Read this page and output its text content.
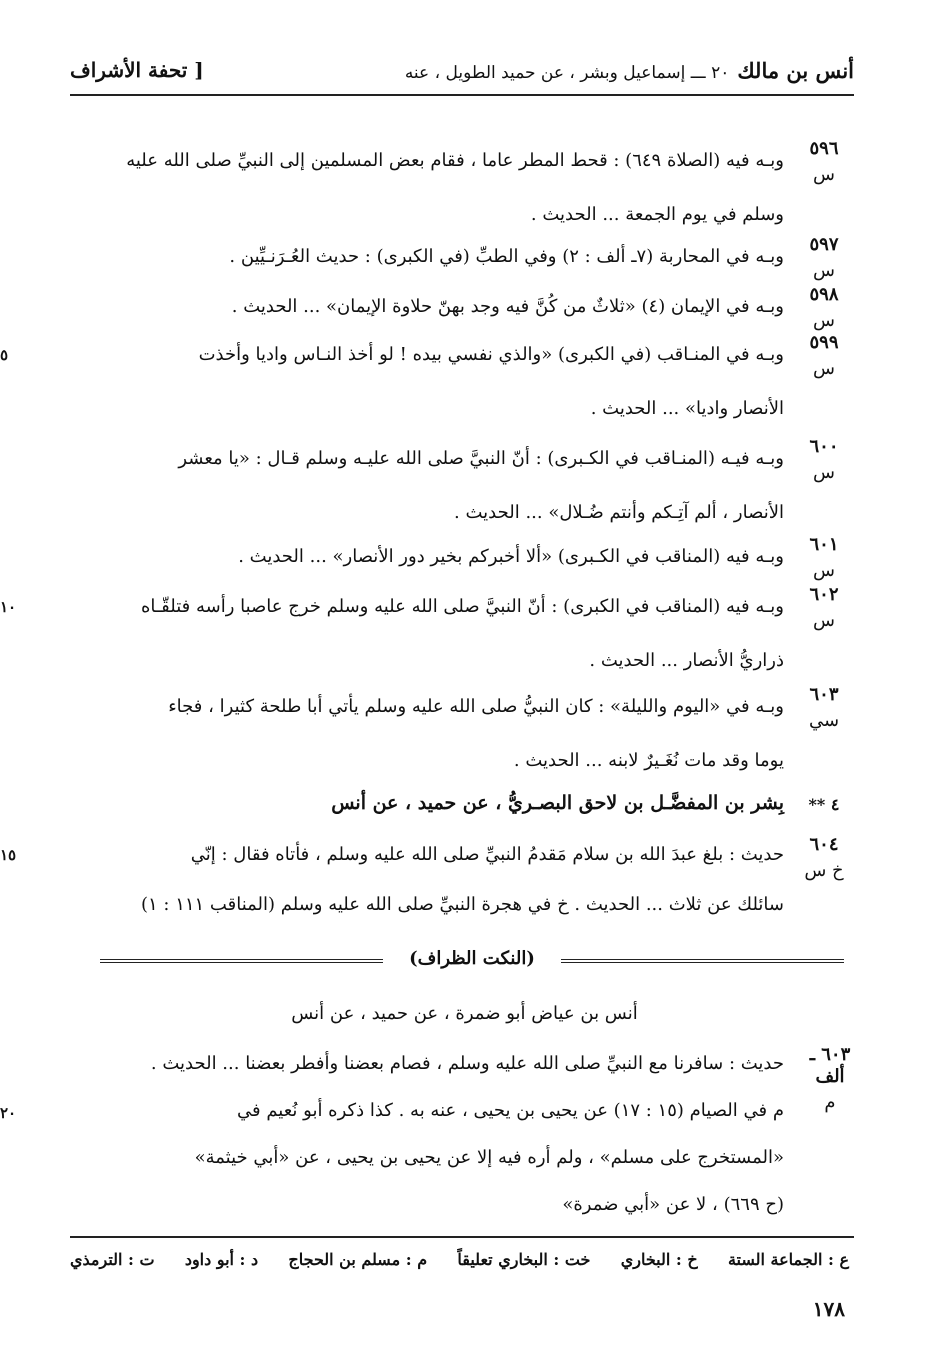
أنس بن مالك
٢٠ ـــ إسماعيل وبشر ، عن حميد الطويل ، عنه
[ تحفة الأشراف
٥٩٦
س
وبـه فيه (الصلاة ٦٤٩) : قحط المطر عاما ، فقام بعض المسلمين إلى النبيِّ صلى الله عليه
وسلم في يوم الجمعة ... الحديث .
٥٩٧
س
وبـه في المحاربة (٧ـ ألف : ٢) وفي الطبِّ (في الكبرى) : حديث العُـرَنـيِّين .
٥٩٨
س
وبـه في الإيمان (٤) «ثلاثٌ من كُنَّ فيه وجد بهنّ حلاوة الإيمان» ... الحديث .
٥٩٩
س
وبـه في المنـاقب (في الكبرى) «والذي نفسي بيده ! لو أخذ النـاس واديا وأخذت
الأنصار واديا» ... الحديث .
٥
٦٠٠
س
وبـه فيـه (المنـاقب في الكـبرى) : أنّ النبيَّ صلى الله عليـه وسلم قـال : «يا معشر
الأنصار ، ألم آتِـكم وأنتم ضُـلال» ... الحديث .
٦٠١
س
وبـه فيه (المناقب في الكـبرى) «ألا أخبركم بخير دور الأنصار» ... الحديث .
٦٠٢
س
وبـه فيه (المناقب في الكبرى) : أنّ النبيَّ صلى الله عليه وسلم خرج عاصبا رأسه فتلقّـاه
ذراريُّ الأنصار ... الحديث .
١٠
٦٠٣
سي
وبـه في «اليوم والليلة» : كان النبيُّ صلى الله عليه وسلم يأتي أبا طلحة كثيرا ، فجاء
يوما وقد مات نُغَـيرٌ لابنه ... الحديث .
٤ **
بِشر بن المفضَّـل بن لاحق البصـريُّ ، عن حميد ، عن أنس
٦٠٤
خ س
حديث : بلغ عبدَ الله بن سلام مَقدمُ النبيِّ صلى الله عليه وسلم ، فأتاه فقال : إنّي
سائلك عن ثلاث ... الحديث . خ في هجرة النبيِّ صلى الله عليه وسلم (المناقب ١١١ : ١)
١٥
(النكت الظراف)
أنس بن عياض أبو ضمرة ، عن حميد ، عن أنس
٦٠٣ ـ ألف
م
حديث : سافرنا مع النبيِّ صلى الله عليه وسلم ، فصام بعضنا وأفطر بعضنا ... الحديث .
م في الصيام (١٥ : ١٧) عن يحيى بن يحيى ، عنه به . كذا ذكره أبو نُعيم في
«المستخرج على مسلم» ، ولم أره فيه إلا عن يحيى بن يحيى ، عن «أبي خيثمة»
(ح ٦٦٩) ، لا عن «أبي ضمرة»
٢٠
ع : الجماعة الستة
خ : البخاري
خت : البخاري تعليقاً
م : مسلم بن الحجاج
د : أبو داود
ت : الترمذي
١٧٨
